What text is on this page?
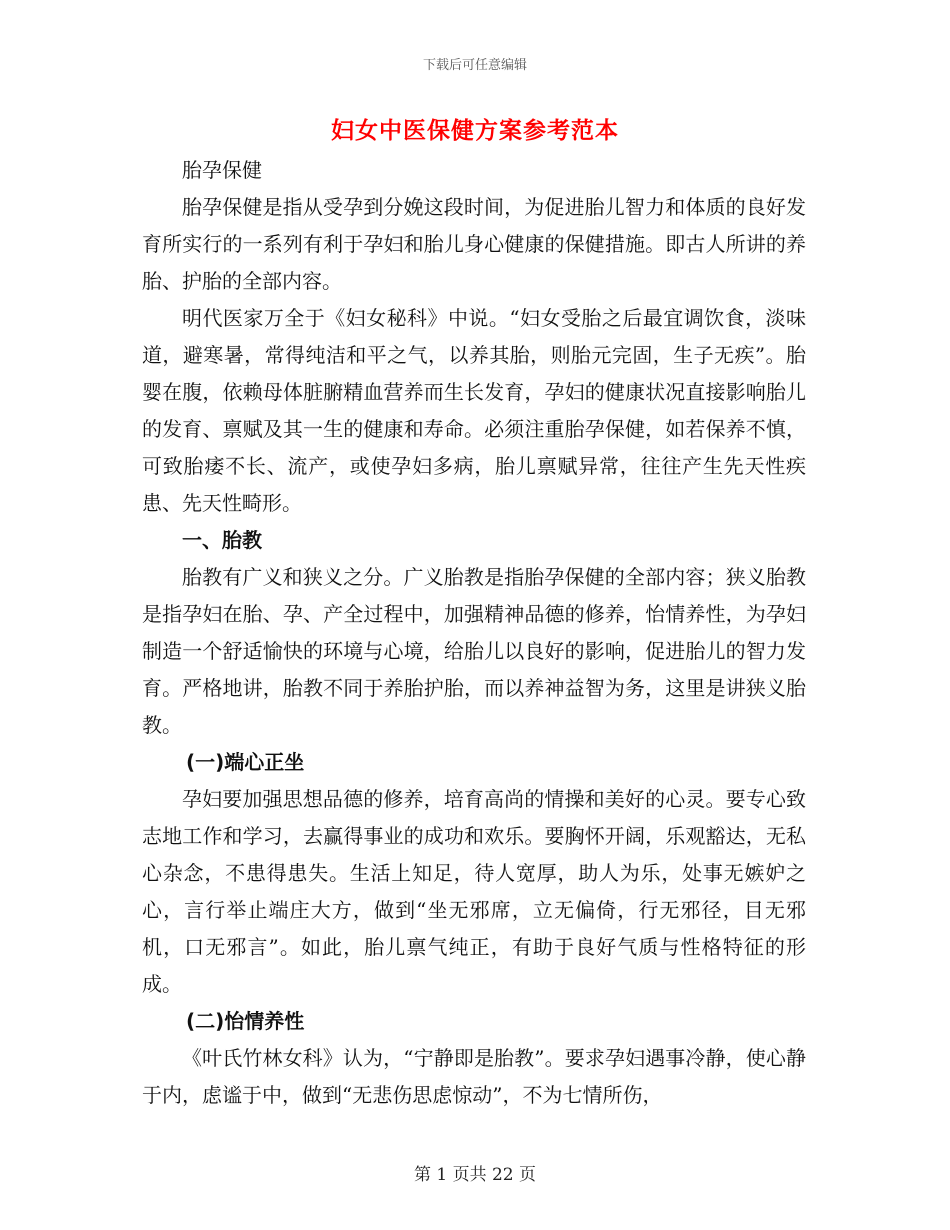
下载后可任意编辑
妇女中医保健方案参考范本

胎孕保健

胎孕保健是指从受孕到分娩这段时间，为促进胎儿智力和体质的良好发育所实行的一系列有利于孕妇和胎儿身心健康的保健措施。即古人所讲的养胎、护胎的全部内容。

明代医家万全于《妇女秘科》中说。“妇女受胎之后最宜调饮食，淡味道，避寒暑，常得纯洁和平之气，以养其胎，则胎元完固，生子无疾”。胎婴在腹，依赖母体脏腑精血营养而生长发育，孕妇的健康状况直接影响胎儿的发育、禀赋及其一生的健康和寿命。必须注重胎孕保健，如若保养不慎，可致胎痿不长、流产，或使孕妇多病，胎儿禀赋异常，往往产生先天性疾患、先天性畸形。

一、胎教

胎教有广义和狭义之分。广义胎教是指胎孕保健的全部内容；狭义胎教是指孕妇在胎、孕、产全过程中，加强精神品德的修养，怡情养性，为孕妇制造一个舒适愉快的环境与心境，给胎儿以良好的影响，促进胎儿的智力发育。严格地讲，胎教不同于养胎护胎，而以养神益智为务，这里是讲狭义胎教。

(一)端心正坐

孕妇要加强思想品德的修养，培育高尚的情操和美好的心灵。要专心致志地工作和学习，去赢得事业的成功和欢乐。要胸怀开阔，乐观豁达，无私心杂念，不患得患失。生活上知足，待人宽厚，助人为乐，处事无嫉妒之心，言行举止端庄大方，做到“坐无邪席，立无偏倚，行无邪径，目无邪机，口无邪言”。如此，胎儿禀气纯正，有助于良好气质与性格特征的形成。

(二)怡情养性

《叶氏竹林女科》认为，“宁静即是胎教”。要求孕妇遇事冷静，使心静于内，虑谧于中，做到“无悲伤思虑惊动”，不为七情所伤，

第 1 页共 22 页
